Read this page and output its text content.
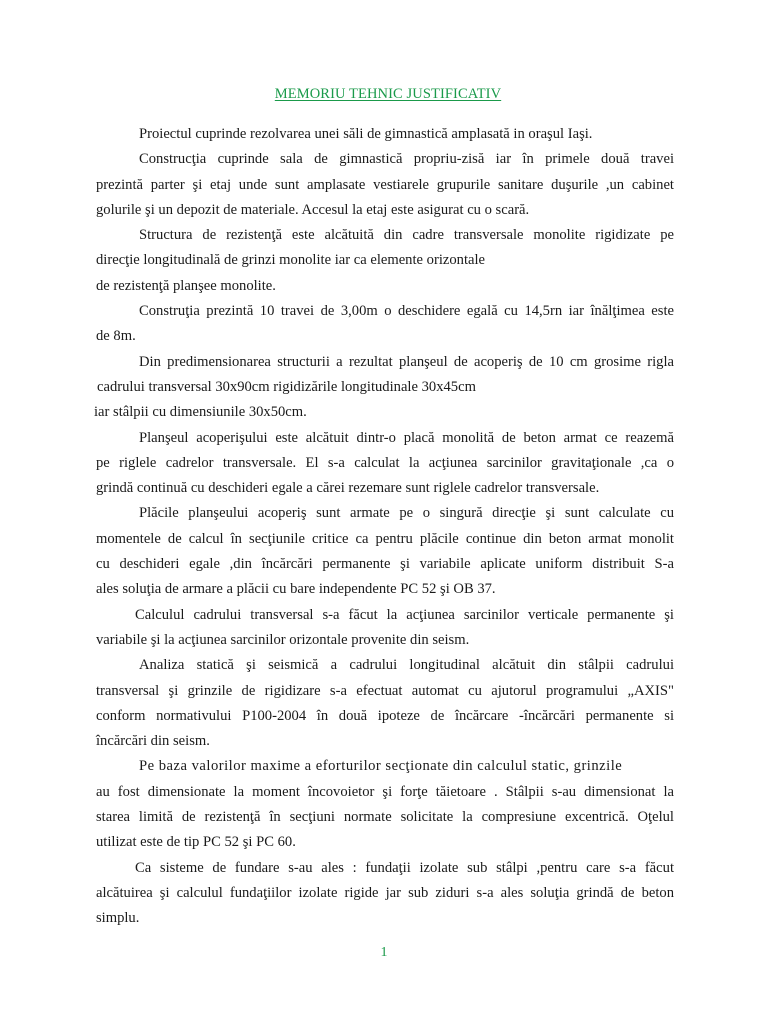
MEMORIU TEHNIC JUSTIFICATIV
Proiectul cuprinde rezolvarea unei săli de gimnastică amplasată in oraşul Iaşi.
Construcţia cuprinde sala de gimnastică propriu-zisă iar în primele două travei
prezintă parter şi etaj unde sunt amplasate vestiarele grupurile sanitare duşurile ,un cabinet
golurile şi un depozit de materiale. Accesul la etaj este asigurat cu o scară.
Structura de rezistenţă este alcătuită din cadre transversale monolite rigidizate pe
direcţie longitudinală de grinzi monolite iar ca elemente orizontale
de rezistenţă planşee monolite.
Construţia prezintă 10 travei de 3,00m o deschidere egală cu 14,5rn iar înălţimea este
de 8m.
Din predimensionarea structurii a rezultat planşeul de acoperiş de 10 cm grosime rigla
cadrului transversal 30x90cm rigidizările longitudinale 30x45cm
iar stâlpii cu dimensiunile 30x50cm.
Planşeul acoperişului este alcătuit dintr-o placă monolită de beton armat ce reazemă
pe riglele cadrelor transversale. El s-a calculat la acţiunea sarcinilor gravitaţionale ,ca o
grindă continuă cu deschideri egale a cărei rezemare sunt riglele cadrelor transversale.
Plăcile planşeului acoperiş sunt armate pe o singură direcţie şi sunt calculate cu
momentele de calcul în secţiunile critice ca pentru plăcile continue din beton armat monolit
cu deschideri egale ,din încărcări permanente şi variabile aplicate uniform distribuit S-a
ales soluţia de armare a plăcii cu bare independente PC 52 şi OB 37.
Calculul cadrului transversal s-a făcut la acţiunea sarcinilor verticale permanente şi
variabile şi la acţiunea sarcinilor orizontale provenite din seism.
Analiza statică şi seismică a cadrului longitudinal alcătuit din stâlpii cadrului
transversal şi grinzile de rigidizare s-a efectuat automat cu ajutorul programului „AXIS"
conform normativului P100-2004 în două ipoteze de încărcare -încărcări permanente si
încărcări din seism.
Pe baza valorilor maxime a eforturilor secţionate din calculul static, grinzile
au fost dimensionate la moment încovoietor şi forţe tăietoare . Stâlpii s-au dimensionat la
starea limită de rezistenţă în secţiuni normate solicitate la compresiune excentrică. Oţelul
utilizat este de tip PC 52 şi PC 60.
Ca sisteme de fundare s-au ales : fundaţii izolate sub stâlpi ,pentru care s-a făcut
alcătuirea şi calculul fundaţiilor izolate rigide jar sub ziduri s-a ales soluţia grindă de beton
simplu.
1
